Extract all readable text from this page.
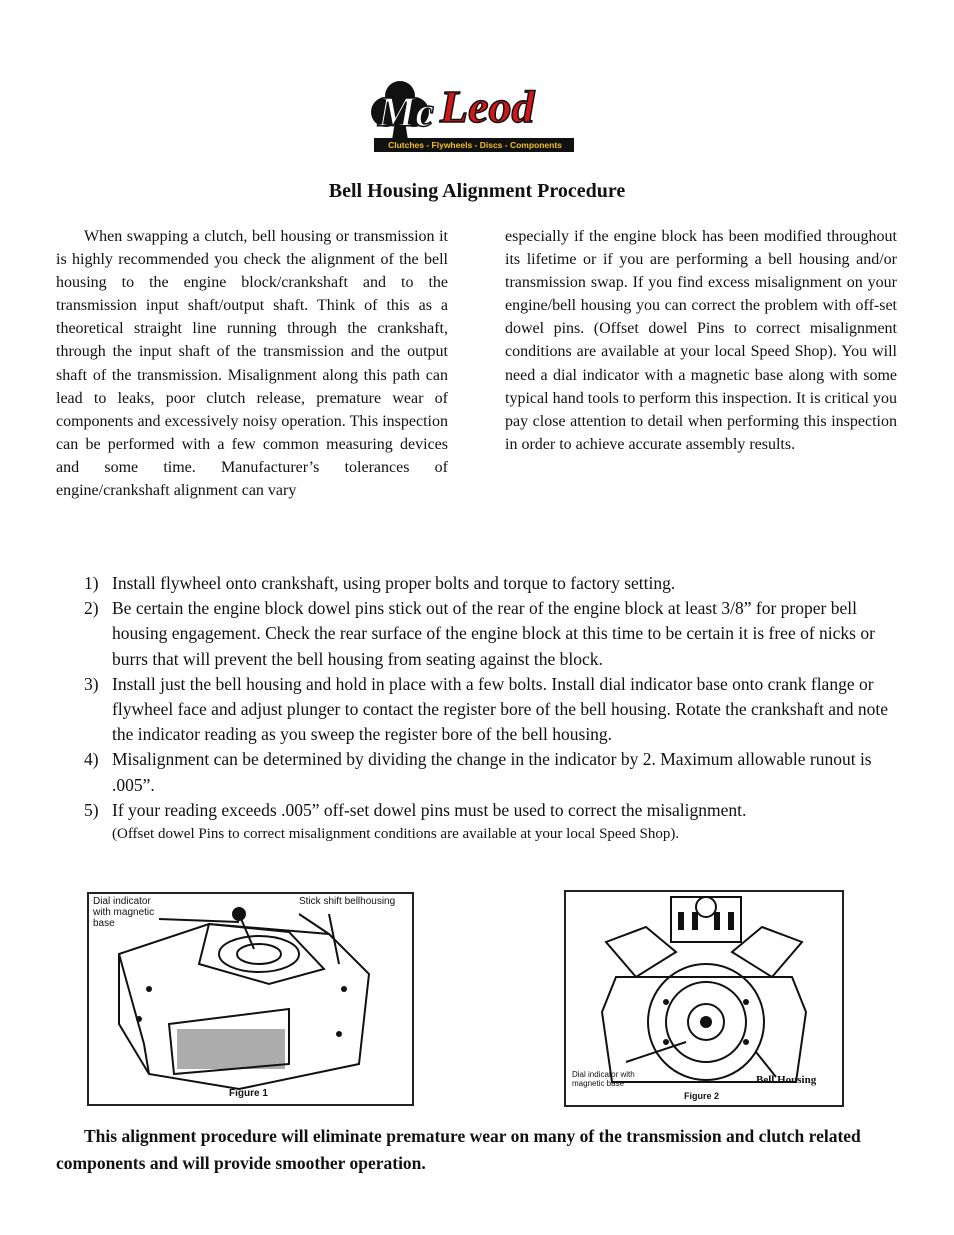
Mc Leod
Clutches - Flywheels - Discs - Components
Bell Housing Alignment Procedure
When swapping a clutch, bell housing or transmission it is highly recommended you check the alignment of the bell housing to the engine block/crankshaft and to the transmission input shaft/output shaft. Think of this as a theoretical straight line running through the crankshaft, through the input shaft of the transmission and the output shaft of the transmission. Misalignment along this path can lead to leaks, poor clutch release, premature wear of components and excessively noisy operation. This inspection can be performed with a few common measuring devices and some time. Manufacturer’s tolerances of engine/crankshaft alignment can vary
especially if the engine block has been modified throughout its lifetime or if you are performing a bell housing and/or transmission swap. If you find excess misalignment on your engine/bell housing you can correct the problem with off-set dowel pins. (Offset dowel Pins to correct misalignment conditions are available at your local Speed Shop). You will need a dial indicator with a magnetic base along with some typical hand tools to perform this inspection. It is critical you pay close attention to detail when performing this inspection in order to achieve accurate assembly results.
1) Install flywheel onto crankshaft, using proper bolts and torque to factory setting.
2) Be certain the engine block dowel pins stick out of the rear of the engine block at least 3/8” for proper bell housing engagement. Check the rear surface of the engine block at this time to be certain it is free of nicks or burrs that will prevent the bell housing from seating against the block.
3) Install just the bell housing and hold in place with a few bolts. Install dial indicator base onto crank flange or flywheel face and adjust plunger to contact the register bore of the bell housing. Rotate the crankshaft and note the indicator reading as you sweep the register bore of the bell housing.
4) Misalignment can be determined by dividing the change in the indicator by 2. Maximum allowable runout is .005”.
5) If your reading exceeds .005” off-set dowel pins must be used to correct the misalignment.
(Offset dowel Pins to correct misalignment conditions are available at your local Speed Shop).
Dial indicator with magnetic base
Stick shift bellhousing
Figure 1
Dial indicator with magnetic base	Bell Housing
Figure 2
This alignment procedure will eliminate premature wear on many of the transmission and clutch related components and will provide smoother operation.
